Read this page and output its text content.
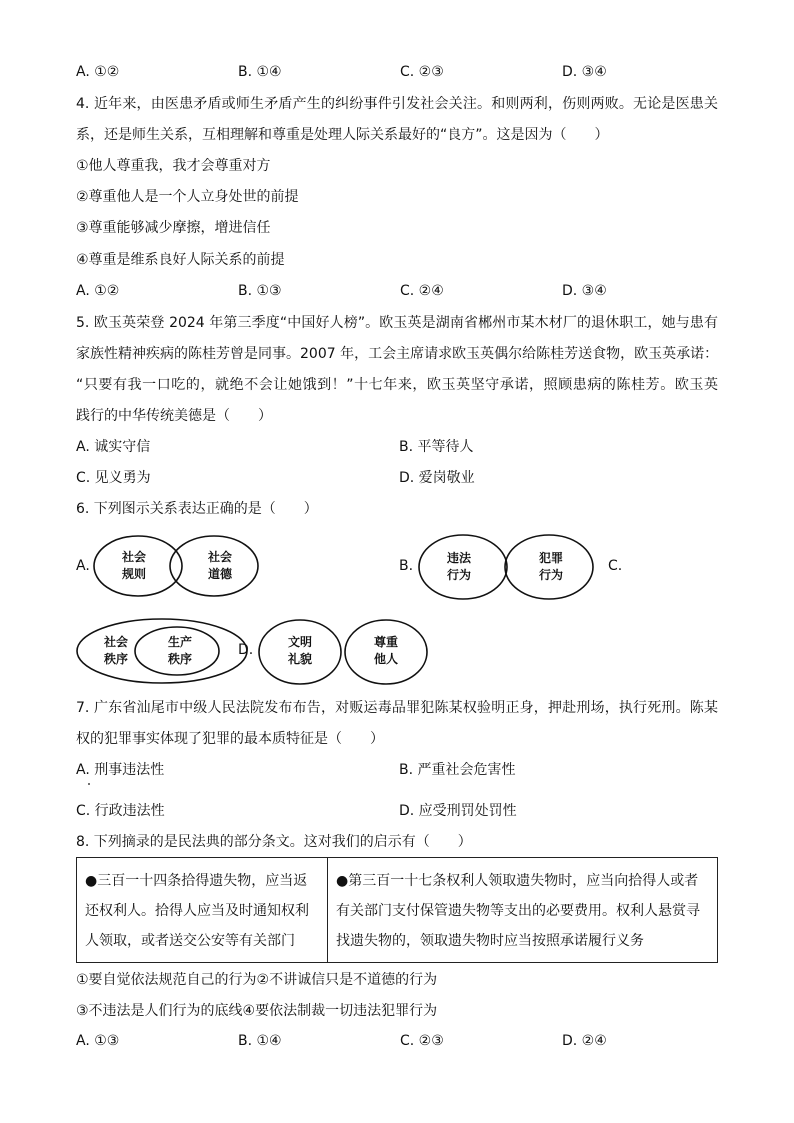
A. ①②	B. ①④	C. ②③	D. ③④
4. 近年来，由医患矛盾或师生矛盾产生的纠纷事件引发社会关注。和则两利，伤则两败。无论是医患关
系，还是师生关系，互相理解和尊重是处理人际关系最好的“良方”。这是因为（　　）
①他人尊重我，我才会尊重对方
②尊重他人是一个人立身处世的前提
③尊重能够减少摩擦，增进信任
④尊重是维系良好人际关系的前提
A. ①②	B. ①③	C. ②④	D. ③④
5. 欧玉英荣登 2024 年第三季度“中国好人榜”。欧玉英是湖南省郴州市某木材厂的退休职工，她与患有
家族性精神疾病的陈桂芳曾是同事。2007 年，工会主席请求欧玉英偶尔给陈桂芳送食物，欧玉英承诺：
“只要有我一口吃的，就绝不会让她饿到！”十七年来，欧玉英坚守承诺，照顾患病的陈桂芳。欧玉英
践行的中华传统美德是（　　）
A. 诚实守信	B. 平等待人
C. 见义勇为	D. 爱岗敬业
6. 下列图示关系表达正确的是（　　）
A.
社会
规则
社会
道德	B.	违法
行为
犯罪
行为
C.
社会
秩序
生产
秩序
D.	文明
礼貌
尊重
他人
7. 广东省汕尾市中级人民法院发布布告，对贩运毒品罪犯陈某权验明正身，押赴刑场，执行死刑。陈某
权的犯罪事实体现了犯罪的最本质特征是（　　）
A. 刑事违法性	B. 严重社会危害性
C. 行政违法性	D. 应受刑罚处罚性
8. 下列摘录的是民法典的部分条文。这对我们的启示有（　　）
●三百一十四条拾得遗失物，应当返
还权利人。拾得人应当及时通知权利
人领取，或者送交公安等有关部门

●第三百一十七条权利人领取遗失物时，应当向拾得人或者
有关部门支付保管遗失物等支出的必要费用。权利人悬赏寻
找遗失物的，领取遗失物时应当按照承诺履行义务
①要自觉依法规范自己的行为②不讲诚信只是不道德的行为
③不违法是人们行为的底线④要依法制裁一切违法犯罪行为
A. ①③	B. ①④	C. ②③	D. ②④
